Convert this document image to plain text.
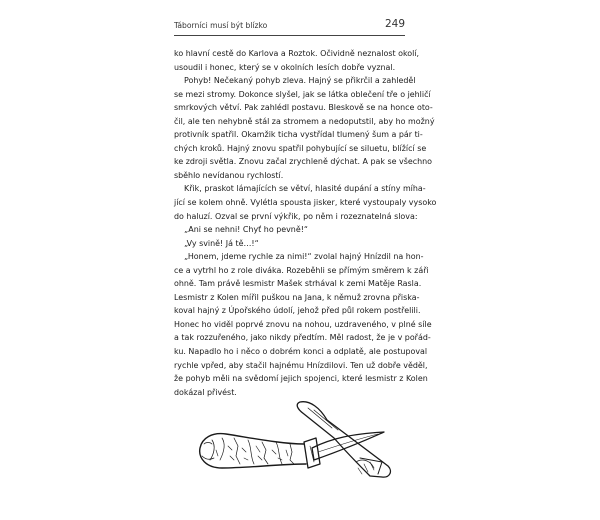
Táborníci musí být blízko	249
ko hlavní cestě do Karlova a Roztok. Očividně neznalost okolí,
usoudil i honec, který se v okolních lesích dobře vyznal.
Pohyb! Nečekaný pohyb zleva. Hajný se přikrčil a zahleděl
se mezi stromy. Dokonce slyšel, jak se látka oblečení tře o jehličí
smrkových větví. Pak zahlédl postavu. Bleskově se na honce oto-
čil, ale ten nehybně stál za stromem a nedoputstil, aby ho možný
protivník spatřil. Okamžik ticha vystřídal tlumený šum a pár ti-
chých kroků. Hajný znovu spatřil pohybující se siluetu, blížící se
ke zdroji světla. Znovu začal zrychleně dýchat. A pak se všechno
sběhlo nevídanou rychlostí.
Křik, praskot lámajících se větví, hlasité dupání a stíny míha-
jící se kolem ohně. Vylétla spousta jisker, které vystoupaly vysoko
do haluzí. Ozval se první výkřik, po něm i rozeznatelná slova:
„Ani se nehni! Chyť ho pevně!“
„Vy svině! Já tě…!“
„Honem, jdeme rychle za nimi!“ zvolal hajný Hnízdil na hon-
ce a vytrhl ho z role diváka. Rozeběhli se přímým směrem k záři
ohně. Tam právě lesmistr Mašek strhával k zemi Matěje Rasla.
Lesmistr z Kolen mířil puškou na Jana, k němuž zrovna přiska-
koval hajný z Úpořského údolí, jehož před půl rokem postřelili.
Honec ho viděl poprvé znovu na nohou, uzdraveného, v plné síle
a tak rozzuřeného, jako nikdy předtím. Měl radost, že je v pořád-
ku. Napadlo ho i něco o dobrém konci a odplatě, ale postupoval
rychle vpřed, aby stačil hajnému Hnízdilovi. Ten už dobře věděl,
že pohyb měli na svědomí jejich spojenci, které lesmistr z Kolen
dokázal přivést.
